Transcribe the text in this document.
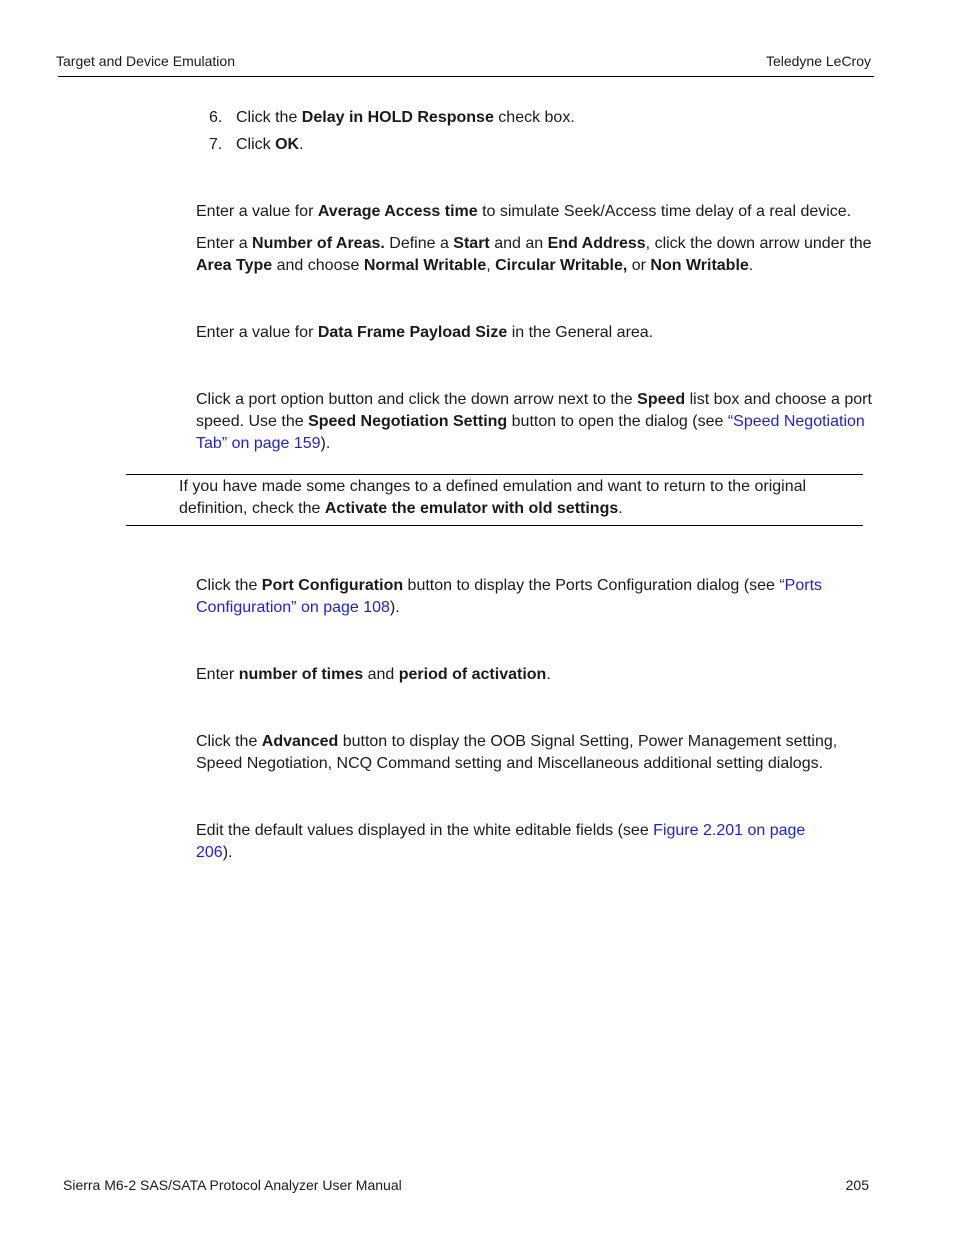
Target and Device Emulation	Teledyne LeCroy
6. Click the Delay in HOLD Response check box.
7. Click OK.

Enter a value for Average Access time to simulate Seek/Access time delay of a real device.

Enter a Number of Areas. Define a Start and an End Address, click the down arrow under the Area Type and choose Normal Writable, Circular Writable, or Non Writable.

Enter a value for Data Frame Payload Size in the General area.

Click a port option button and click the down arrow next to the Speed list box and choose a port speed. Use the Speed Negotiation Setting button to open the dialog (see “Speed Negotiation Tab” on page 159).

If you have made some changes to a defined emulation and want to return to the original definition, check the Activate the emulator with old settings.

Click the Port Configuration button to display the Ports Configuration dialog (see “Ports Configuration” on page 108).

Enter number of times and period of activation.

Click the Advanced button to display the OOB Signal Setting, Power Management setting, Speed Negotiation, NCQ Command setting and Miscellaneous additional setting dialogs.

Edit the default values displayed in the white editable fields (see Figure 2.201 on page 206).

Sierra M6-2 SAS/SATA Protocol Analyzer User Manual	205
